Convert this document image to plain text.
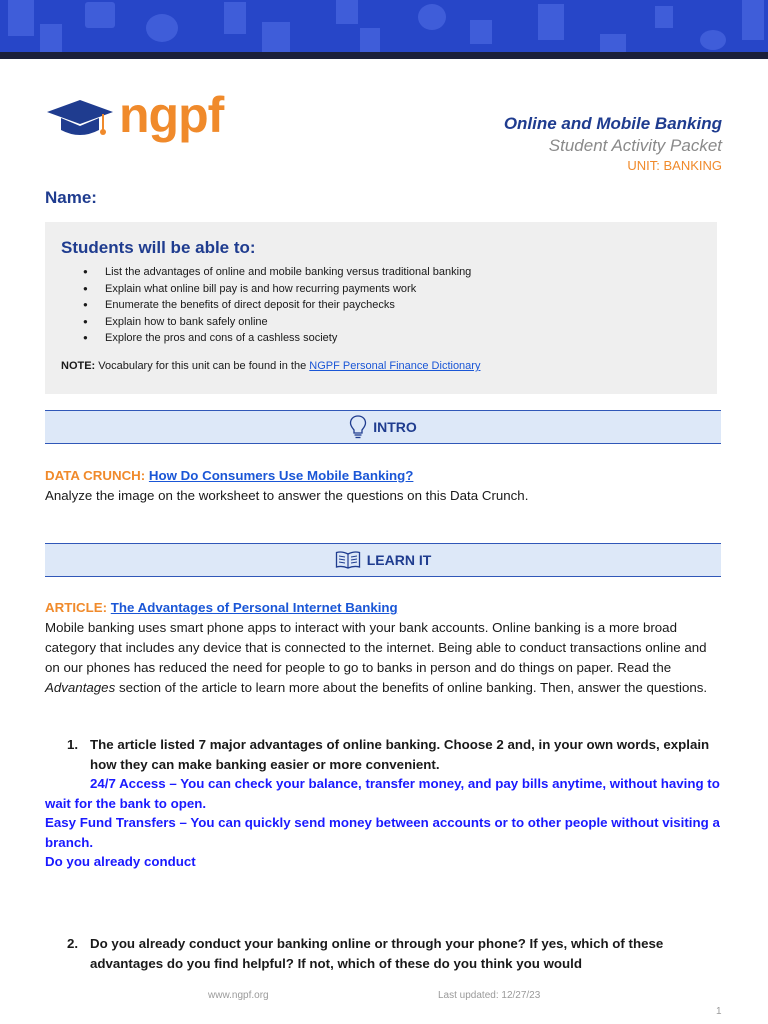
ngpf	Online and Mobile Banking
Student Activity Packet
UNIT: BANKING
Name:
Students will be able to:
● List the advantages of online and mobile banking versus traditional banking
● Explain what online bill pay is and how recurring payments work
● Enumerate the benefits of direct deposit for their paychecks
● Explain how to bank safely online
● Explore the pros and cons of a cashless society
NOTE: Vocabulary for this unit can be found in the NGPF Personal Finance Dictionary
INTRO
DATA CRUNCH: How Do Consumers Use Mobile Banking?
Analyze the image on the worksheet to answer the questions on this Data Crunch.
LEARN IT
ARTICLE: The Advantages of Personal Internet Banking
Mobile banking uses smart phone apps to interact with your bank accounts. Online banking is a more broad category that includes any device that is connected to the internet. Being able to conduct transactions online and on our phones has reduced the need for people to go to banks in person and do things on paper. Read the Advantages section of the article to learn more about the benefits of online banking. Then, answer the questions.
1. The article listed 7 major advantages of online banking. Choose 2 and, in your own words, explain how they can make banking easier or more convenient.
24/7 Access – You can check your balance, transfer money, and pay bills anytime, without having to wait for the bank to open.
Easy Fund Transfers – You can quickly send money between accounts or to other people without visiting a branch.
Do you already conduct
2. Do you already conduct your banking online or through your phone? If yes, which of these advantages do you find helpful? If not, which of these do you think you would
www.ngpf.org	Last updated: 12/27/23
1
